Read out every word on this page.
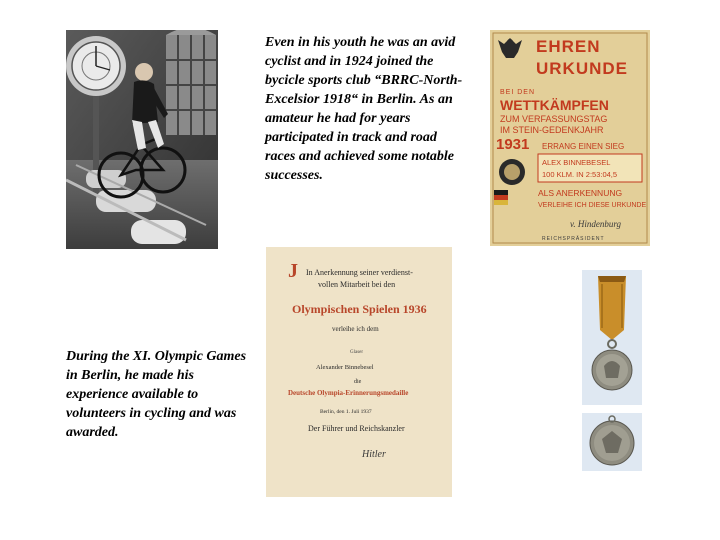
Even in his youth he was an avid cyclist and in 1924 joined the bycicle sports club “BRRC-North-Excelsior 1918“ in Berlin. As an amateur he had for years participated in track and road races and achieved some notable successes.
EHREN
URKUNDE
BEI DEN
WETTKÄMPFEN
ZUM VERFASSUNGSTAG
IM STEIN-GEDENKJAHR
1931 ERRANG EINEN SIEG
ALEX BINNEBESEL
100 KLM. IN 2:53:04,5
ALS ANERKENNUNG
VERLEIHE ICH DIESE URKUNDE
v. Hindenburg
REICHSPRÄSIDENT
J In Anerkennung seiner verdienst-
vollen Mitarbeit bei den
Olympischen Spielen 1936
verleihe ich dem
Glaser
Alexander Binnebesel
die
Deutsche Olympia-Erinnerungsmedaille
Berlin, den 1. Juli 1937
Der Führer und Reichskanzler
Hitler
During the XI. Olympic Games in Berlin, he made his experience available to volunteers in cycling and was awarded.
